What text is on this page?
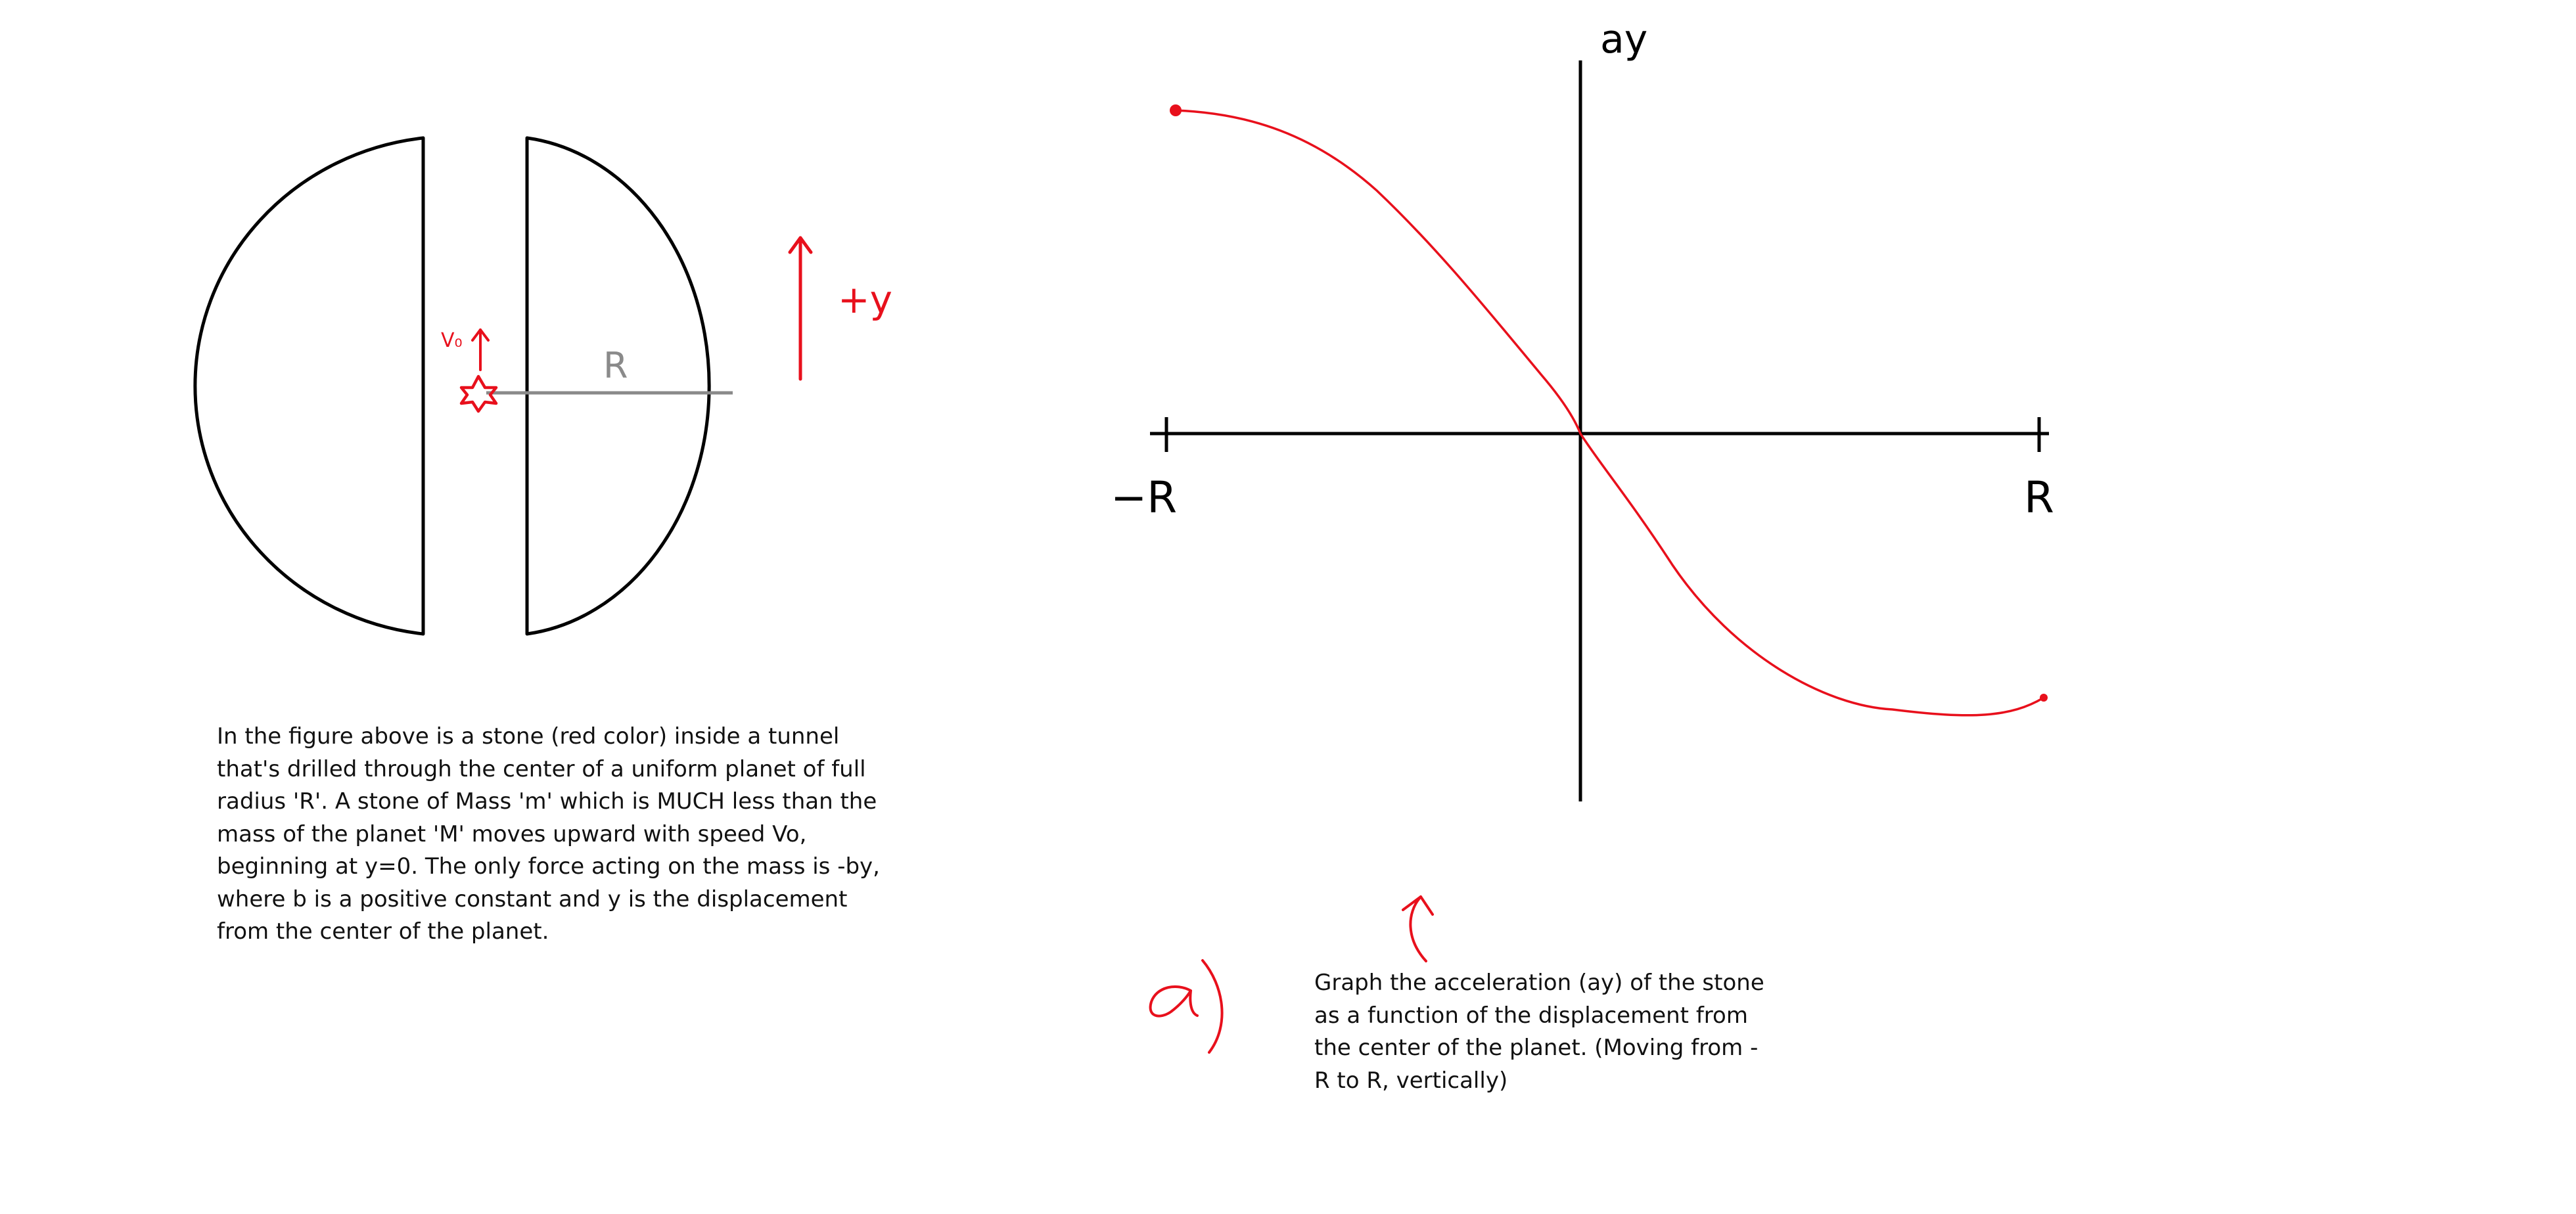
R
V₀
+y
ay
−R	R
In the figure above is a stone (red color) inside a tunnel
that's drilled through the center of a uniform planet of full
radius 'R'. A stone of Mass 'm' which is MUCH less than the
mass of the planet 'M' moves upward with speed Vo,
beginning at y=0. The only force acting on the mass is -by,
where b is a positive constant and y is the displacement
from the center of the planet.
Graph the acceleration (ay) of the stone
as a function of the displacement from
the center of the planet. (Moving from -
R to R, vertically)
